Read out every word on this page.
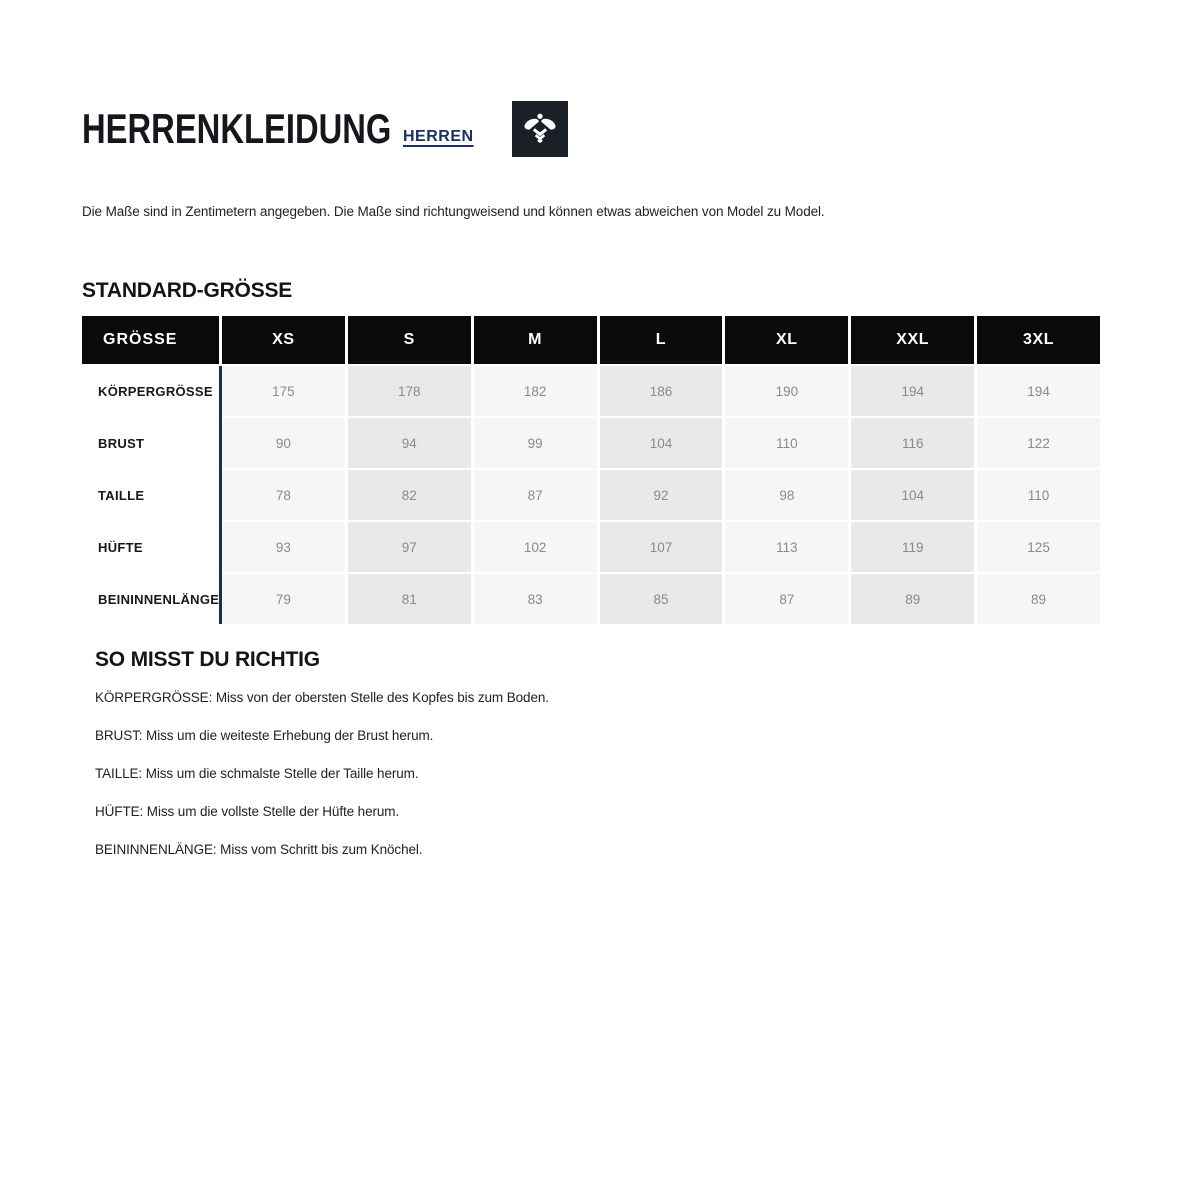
HERRENKLEIDUNG HERREN

Die Maße sind in Zentimetern angegeben. Die Maße sind richtungweisend und können etwas abweichen von Model zu Model.

STANDARD-GRÖSSE
GRÖSSE	XS	S	M	L	XL	XXL	3XL
KÖRPERGRÖSSE	175	178	182	186	190	194	194
BRUST	90	94	99	104	110	116	122
TAILLE	78	82	87	92	98	104	110
HÜFTE	93	97	102	107	113	119	125
BEININNENLÄNGE	79	81	83	85	87	89	89
SO MISST DU RICHTIG

KÖRPERGRÖSSE: Miss von der obersten Stelle des Kopfes bis zum Boden.

BRUST: Miss um die weiteste Erhebung der Brust herum.

TAILLE: Miss um die schmalste Stelle der Taille herum.

HÜFTE: Miss um die vollste Stelle der Hüfte herum.

BEININNENLÄNGE: Miss vom Schritt bis zum Knöchel.
